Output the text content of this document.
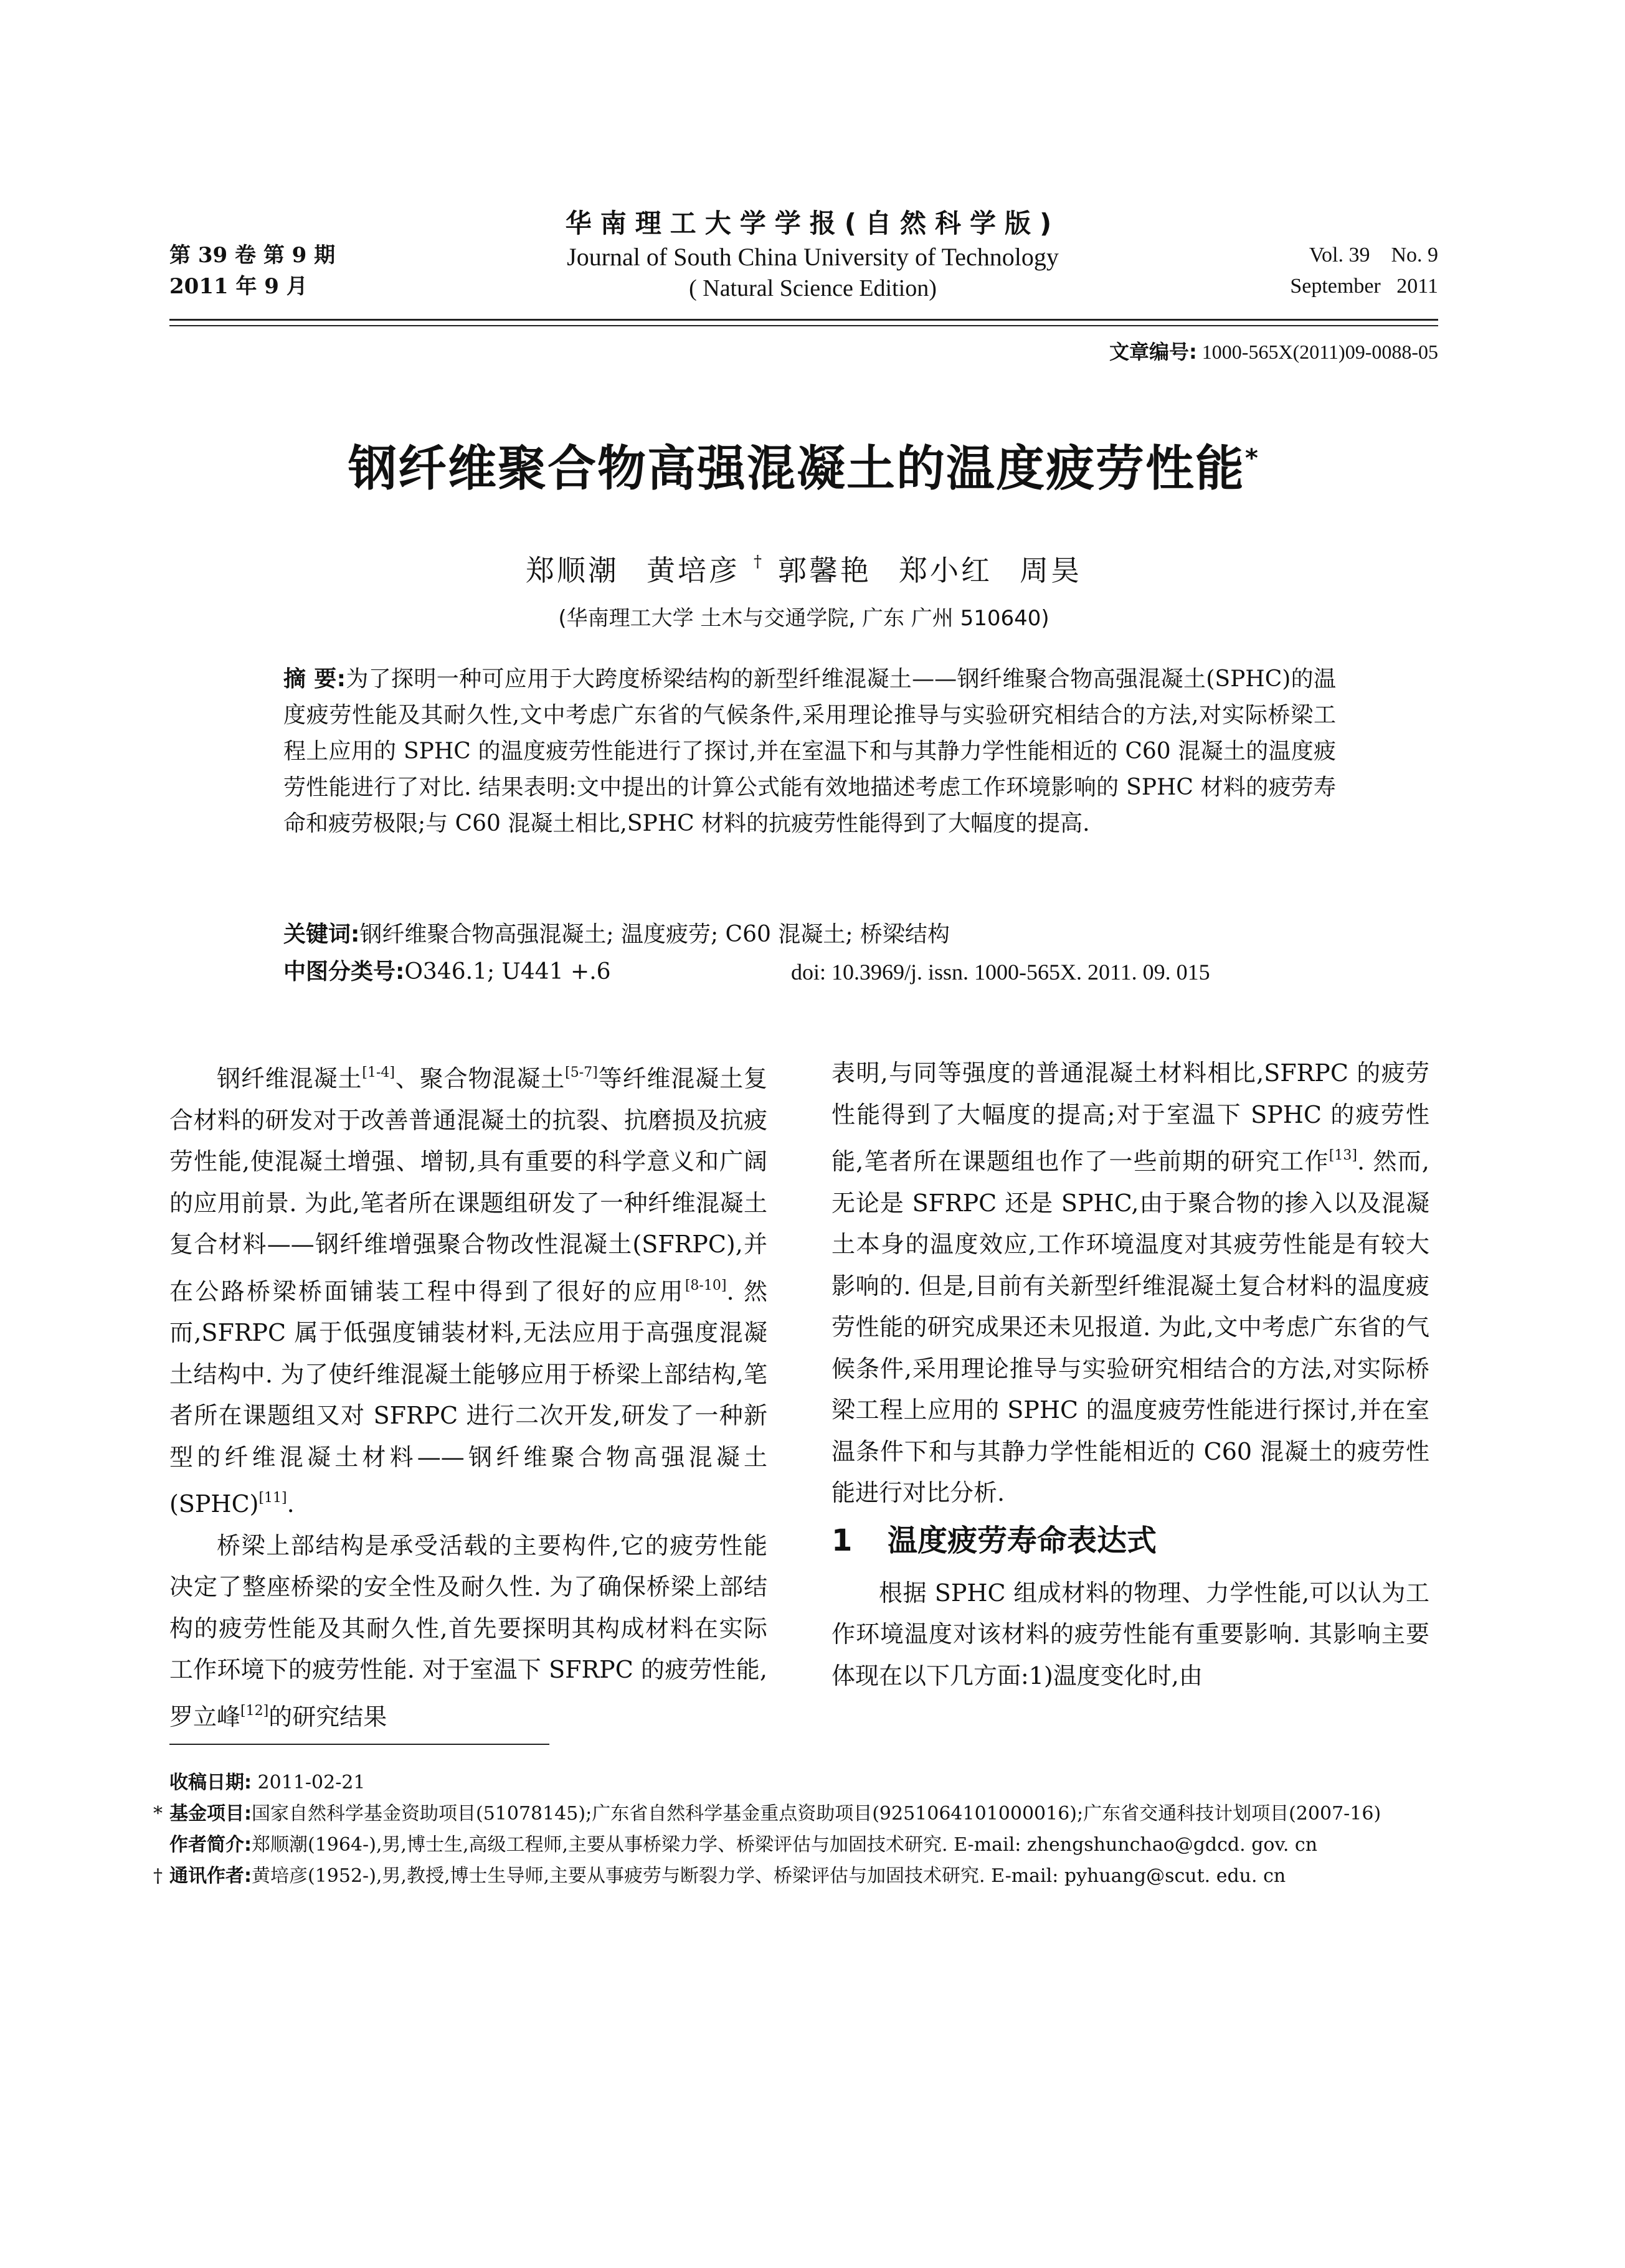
第 39 卷 第 9 期
2011 年 9 月
华南理工大学学报(自然科学版)
Journal of South China University of Technology
( Natural Science Edition)
Vol. 39    No. 9
September   2011
文章编号: 1000-565X(2011)09-0088-05
钢纤维聚合物高强混凝土的温度疲劳性能*
郑顺潮 黄培彦 † 郭馨艳 郑小红 周昊
(华南理工大学 土木与交通学院, 广东 广州 510640)
摘 要:为了探明一种可应用于大跨度桥梁结构的新型纤维混凝土——钢纤维聚合物高强混凝土(SPHC)的温度疲劳性能及其耐久性,文中考虑广东省的气候条件,采用理论推导与实验研究相结合的方法,对实际桥梁工程上应用的 SPHC 的温度疲劳性能进行了探讨,并在室温下和与其静力学性能相近的 C60 混凝土的温度疲劳性能进行了对比. 结果表明:文中提出的计算公式能有效地描述考虑工作环境影响的 SPHC 材料的疲劳寿命和疲劳极限;与 C60 混凝土相比,SPHC 材料的抗疲劳性能得到了大幅度的提高.
关键词:钢纤维聚合物高强混凝土; 温度疲劳; C60 混凝土; 桥梁结构
中图分类号:O346.1; U441 +.6	doi: 10.3969/j. issn. 1000-565X. 2011. 09. 015

钢纤维混凝土[1-4]、聚合物混凝土[5-7]等纤维混凝土复合材料的研发对于改善普通混凝土的抗裂、抗磨损及抗疲劳性能,使混凝土增强、增韧,具有重要的科学意义和广阔的应用前景. 为此,笔者所在课题组研发了一种纤维混凝土复合材料——钢纤维增强聚合物改性混凝土(SFRPC),并在公路桥梁桥面铺装工程中得到了很好的应用[8-10]. 然而,SFRPC 属于低强度铺装材料,无法应用于高强度混凝土结构中. 为了使纤维混凝土能够应用于桥梁上部结构,笔者所在课题组又对 SFRPC 进行二次开发,研发了一种新型的纤维混凝土材料——钢纤维聚合物高强混凝土(SPHC)[11].

桥梁上部结构是承受活载的主要构件,它的疲劳性能决定了整座桥梁的安全性及耐久性. 为了确保桥梁上部结构的疲劳性能及其耐久性,首先要探明其构成材料在实际工作环境下的疲劳性能. 对于室温下 SFRPC 的疲劳性能,罗立峰[12]的研究结果

表明,与同等强度的普通混凝土材料相比,SFRPC 的疲劳性能得到了大幅度的提高;对于室温下 SPHC 的疲劳性能,笔者所在课题组也作了一些前期的研究工作[13]. 然而,无论是 SFRPC 还是 SPHC,由于聚合物的掺入以及混凝土本身的温度效应,工作环境温度对其疲劳性能是有较大影响的. 但是,目前有关新型纤维混凝土复合材料的温度疲劳性能的研究成果还未见报道. 为此,文中考虑广东省的气候条件,采用理论推导与实验研究相结合的方法,对实际桥梁工程上应用的 SPHC 的温度疲劳性能进行探讨,并在室温条件下和与其静力学性能相近的 C60 混凝土的疲劳性能进行对比分析.

1 温度疲劳寿命表达式

根据 SPHC 组成材料的物理、力学性能,可以认为工作环境温度对该材料的疲劳性能有重要影响. 其影响主要体现在以下几方面:1)温度变化时,由

收稿日期: 2011-02-21

* 基金项目:国家自然科学基金资助项目(51078145);广东省自然科学基金重点资助项目(9251064101000016);广东省交通科技计划项目(2007-16)

作者简介:郑顺潮(1964-),男,博士生,高级工程师,主要从事桥梁力学、桥梁评估与加固技术研究. E-mail: zhengshunchao@gdcd. gov. cn

† 通讯作者:黄培彦(1952-),男,教授,博士生导师,主要从事疲劳与断裂力学、桥梁评估与加固技术研究. E-mail: pyhuang@scut. edu. cn
